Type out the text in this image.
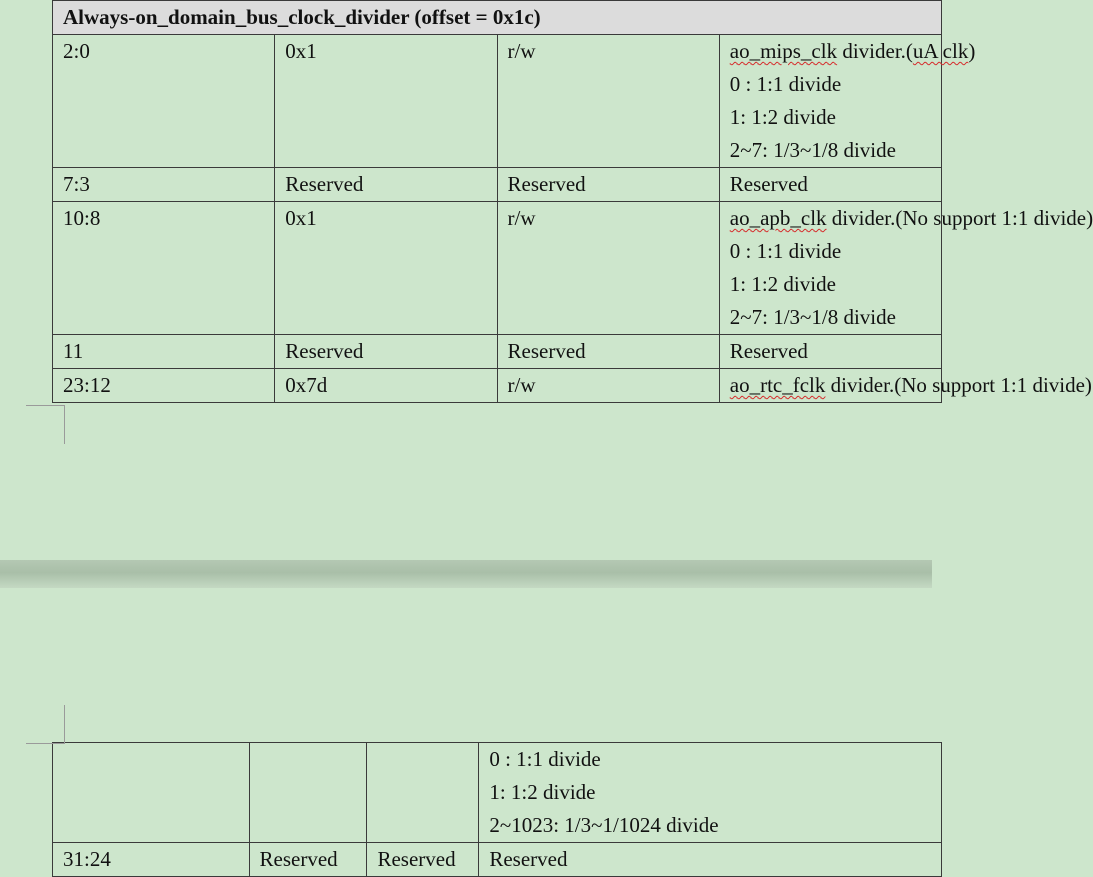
Always-on_domain_bus_clock_divider (offset = 0x1c)			
2:0	0x1	r/w	ao_mips_clk divider.(uA clk)
0 : 1:1 divide
1: 1:2 divide
2~7: 1/3~1/8 divide

7:3	Reserved	Reserved	Reserved
10:8	0x1	r/w	ao_apb_clk divider.(No support 1:1 divide)
0 : 1:1 divide
1: 1:2 divide
2~7: 1/3~1/8 divide

11	Reserved	Reserved	Reserved
23:12	0x7d	r/w	ao_rtc_fclk divider.(No support 1:1 divide)

			0 : 1:1 divide
1: 1:2 divide
2~1023: 1/3~1/1024 divide

31:24	Reserved	Reserved	Reserved
